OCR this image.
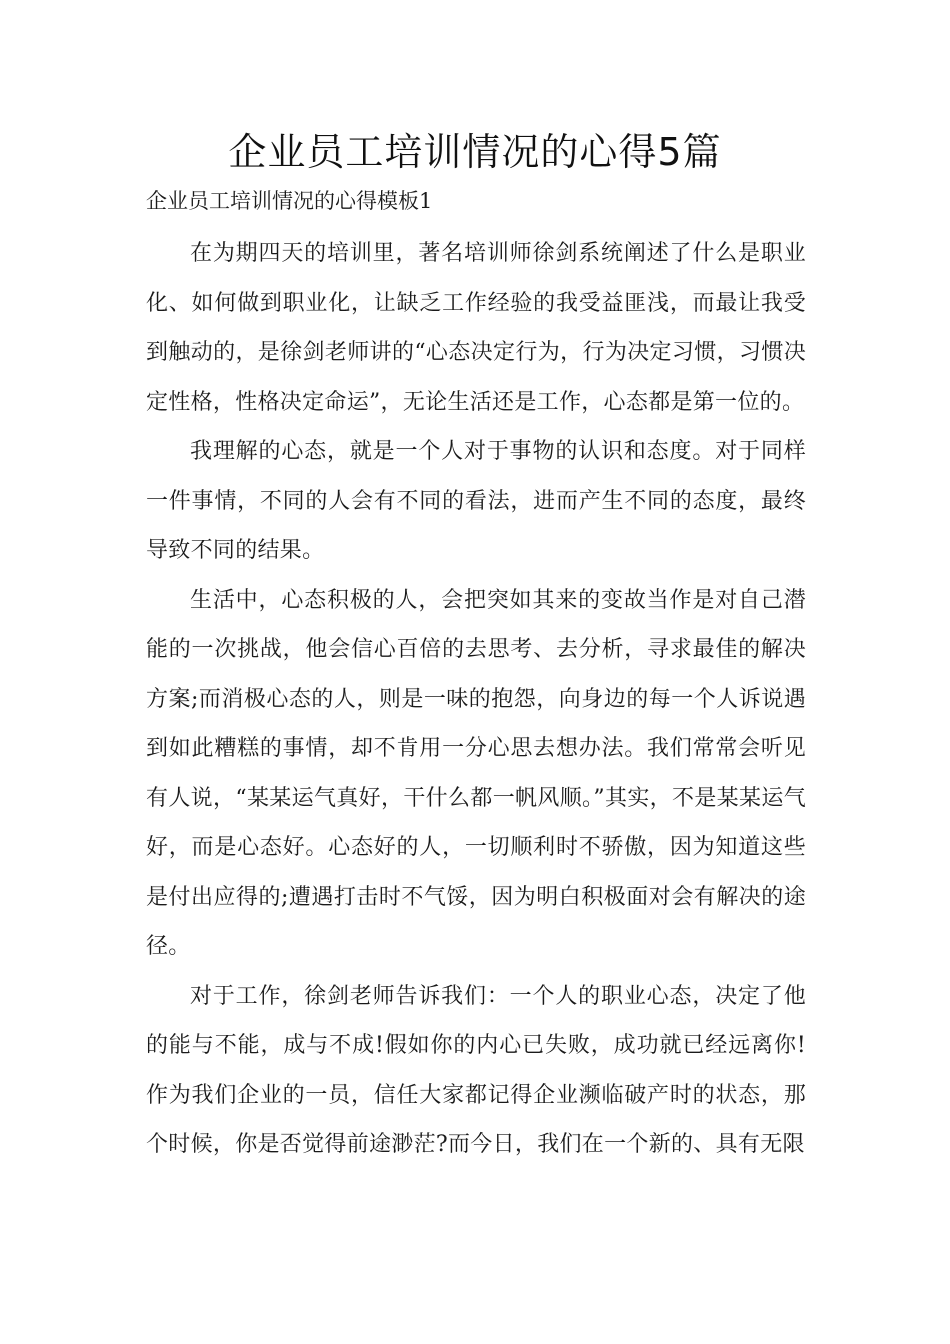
企业员工培训情况的心得5篇

企业员工培训情况的心得模板1

在为期四天的培训里，著名培训师徐剑系统阐述了什么是职业化、如何做到职业化，让缺乏工作经验的我受益匪浅，而最让我受到触动的，是徐剑老师讲的“心态决定行为，行为决定习惯，习惯决定性格，性格决定命运”，无论生活还是工作，心态都是第一位的。

我理解的心态，就是一个人对于事物的认识和态度。对于同样一件事情，不同的人会有不同的看法，进而产生不同的态度，最终导致不同的结果。

生活中，心态积极的人，会把突如其来的变故当作是对自己潜能的一次挑战，他会信心百倍的去思考、去分析，寻求最佳的解决方案;而消极心态的人，则是一味的抱怨，向身边的每一个人诉说遇到如此糟糕的事情，却不肯用一分心思去想办法。我们常常会听见有人说，“某某运气真好，干什么都一帆风顺。”其实，不是某某运气好，而是心态好。心态好的人，一切顺利时不骄傲，因为知道这些是付出应得的;遭遇打击时不气馁，因为明白积极面对会有解决的途径。

对于工作，徐剑老师告诉我们：一个人的职业心态，决定了他的能与不能，成与不成!假如你的内心已失败，成功就已经远离你!作为我们企业的一员，信任大家都记得企业濒临破产时的状态，那个时候，你是否觉得前途渺茫?而今日，我们在一个新的、具有无限
